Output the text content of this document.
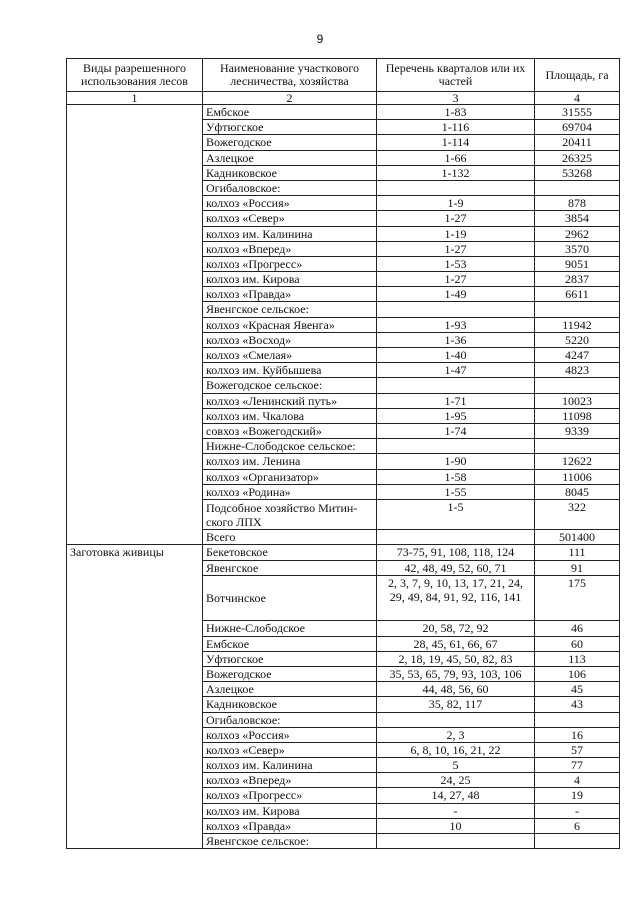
9
Виды разрешенного использования лесов	Наименование участкового лесничества, хозяйства	Перечень кварталов или их частей	Площадь, га
1	2	3	4
	Ембское	1-83	31555
	Уфтюгское	1-116	69704
	Вожегодское	1-114	20411
	Азлецкое	1-66	26325
	Кадниковское	1-132	53268
	Огибаловское:		
	колхоз «Россия»	1-9	878
	колхоз «Север»	1-27	3854
	колхоз им. Калинина	1-19	2962
	колхоз «Вперед»	1-27	3570
	колхоз «Прогресс»	1-53	9051
	колхоз им. Кирова	1-27	2837
	колхоз «Правда»	1-49	6611
	Явенгское сельское:		
	колхоз «Красная Явенга»	1-93	11942
	колхоз «Восход»	1-36	5220
	колхоз «Смелая»	1-40	4247
	колхоз им. Куйбышева	1-47	4823
	Вожегодское сельское:		
	колхоз «Ленинский путь»	1-71	10023
	колхоз им. Чкалова	1-95	11098
	совхоз «Вожегодский»	1-74	9339
	Нижне-Слободское сельское:		
	колхоз им. Ленина	1-90	12622
	колхоз «Организатор»	1-58	11006
	колхоз «Родина»	1-55	8045
	Подсобное хозяйство Митин-ского ЛПХ	1-5	322
	Всего		501400
Заготовка живицы	Бекетовское	73-75, 91, 108, 118, 124	111
	Явенгское	42, 48, 49, 52, 60, 71	91
	Вотчинское	2, 3, 7, 9, 10, 13, 17, 21, 24, 29, 49, 84, 91, 92, 116, 141	175
	Нижне-Слободское	20, 58, 72, 92	46
	Ембское	28, 45, 61, 66, 67	60
	Уфтюгское	2, 18, 19, 45, 50, 82, 83	113
	Вожегодское	35, 53, 65, 79, 93, 103, 106	106
	Азлецкое	44, 48, 56, 60	45
	Кадниковское	35, 82, 117	43
	Огибаловское:		
	колхоз «Россия»	2, 3	16
	колхоз «Север»	6, 8, 10, 16, 21, 22	57
	колхоз им. Калинина	5	77
	колхоз «Вперед»	24, 25	4
	колхоз «Прогресс»	14, 27, 48	19
	колхоз им. Кирова	-	-
	колхоз «Правда»	10	6
	Явенгское сельское:		
